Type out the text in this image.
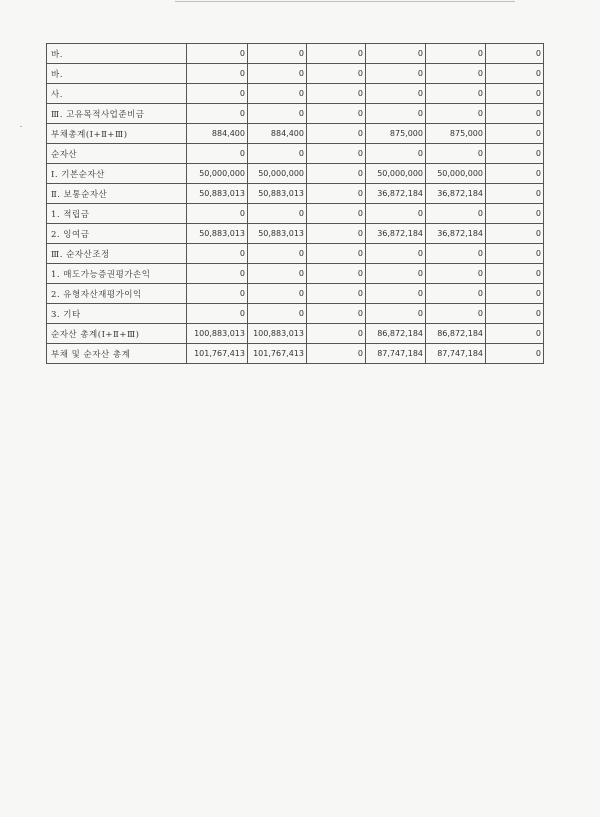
바.	0	0	0	0	0	0
바.	0	0	0	0	0	0
사.	0	0	0	0	0	0
Ⅲ. 고유목적사업준비금	0	0	0	0	0	0
부채총계(Ⅰ+Ⅱ+Ⅲ)	884,400	884,400	0	875,000	875,000	0
순자산	0	0	0	0	0	0
Ⅰ. 기본순자산	50,000,000	50,000,000	0	50,000,000	50,000,000	0
Ⅱ. 보통순자산	50,883,013	50,883,013	0	36,872,184	36,872,184	0
1. 적립금	0	0	0	0	0	0
2. 잉여금	50,883,013	50,883,013	0	36,872,184	36,872,184	0
Ⅲ. 순자산조정	0	0	0	0	0	0
1. 매도가능증권평가손익	0	0	0	0	0	0
2. 유형자산재평가이익	0	0	0	0	0	0
3. 기타	0	0	0	0	0	0
순자산 총계(Ⅰ+Ⅱ+Ⅲ)	100,883,013	100,883,013	0	86,872,184	86,872,184	0
부채 및 순자산 총계	101,767,413	101,767,413	0	87,747,184	87,747,184	0
